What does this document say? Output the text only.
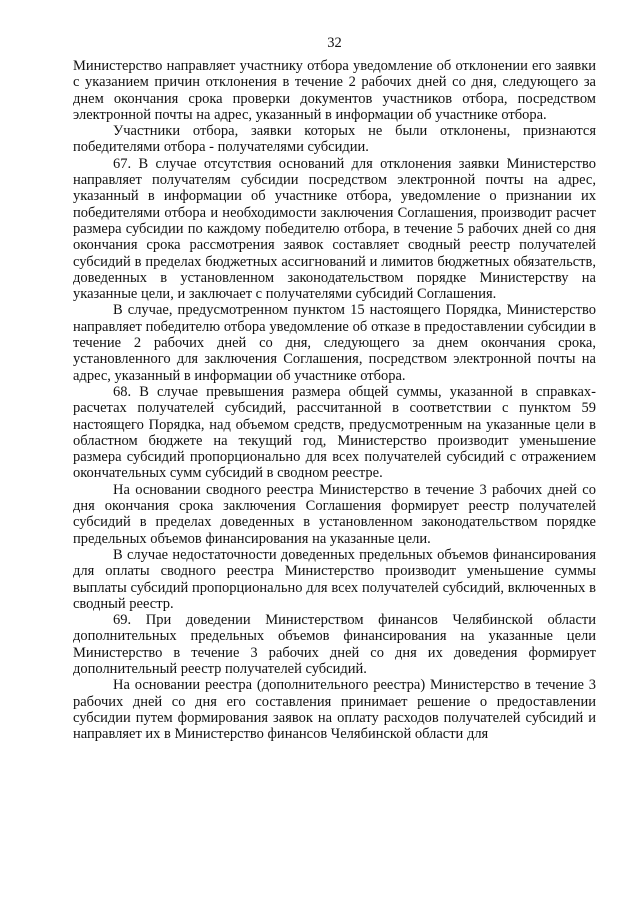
32

Министерство направляет участнику отбора уведомление об отклонении его заявки с указанием причин отклонения в течение 2 рабочих дней со дня, следующего за днем окончания срока проверки документов участников отбора, посредством электронной почты на адрес, указанный в информации об участнике отбора.

Участники отбора, заявки которых не были отклонены, признаются победителями отбора - получателями субсидии.

67. В случае отсутствия оснований для отклонения заявки Министерство направляет получателям субсидии посредством электронной почты на адрес, указанный в информации об участнике отбора, уведомление о признании их победителями отбора и необходимости заключения Соглашения, производит расчет размера субсидии по каждому победителю отбора, в течение 5 рабочих дней со дня окончания срока рассмотрения заявок составляет сводный реестр получателей субсидий в пределах бюджетных ассигнований и лимитов бюджетных обязательств, доведенных в установленном законодательством порядке Министерству на указанные цели, и заключает с получателями субсидий Соглашения.

В случае, предусмотренном пунктом 15 настоящего Порядка, Министерство направляет победителю отбора уведомление об отказе в предоставлении субсидии в течение 2 рабочих дней со дня, следующего за днем окончания срока, установленного для заключения Соглашения, посредством электронной почты на адрес, указанный в информации об участнике отбора.

68. В случае превышения размера общей суммы, указанной в справках-расчетах получателей субсидий, рассчитанной в соответствии с пунктом 59 настоящего Порядка, над объемом средств, предусмотренным на указанные цели в областном бюджете на текущий год, Министерство производит уменьшение размера субсидий пропорционально для всех получателей субсидий с отражением окончательных сумм субсидий в сводном реестре.

На основании сводного реестра Министерство в течение 3 рабочих дней со дня окончания срока заключения Соглашения формирует реестр получателей субсидий в пределах доведенных в установленном законодательством порядке предельных объемов финансирования на указанные цели.

В случае недостаточности доведенных предельных объемов финансирования для оплаты сводного реестра Министерство производит уменьшение суммы выплаты субсидий пропорционально для всех получателей субсидий, включенных в сводный реестр.

69. При доведении Министерством финансов Челябинской области дополнительных предельных объемов финансирования на указанные цели Министерство в течение 3 рабочих дней со дня их доведения формирует дополнительный реестр получателей субсидий.

На основании реестра (дополнительного реестра) Министерство в течение 3 рабочих дней со дня его составления принимает решение о предоставлении субсидии путем формирования заявок на оплату расходов получателей субсидий и направляет их в Министерство финансов Челябинской области для
